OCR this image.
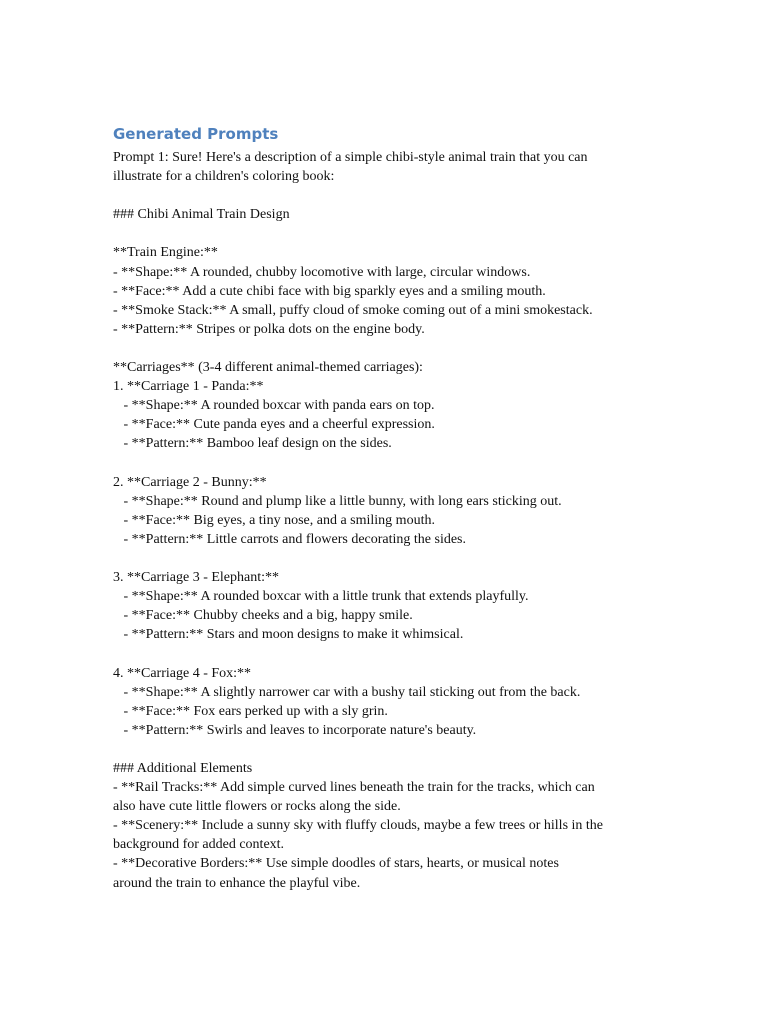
Generated Prompts
Prompt 1: Sure! Here's a description of a simple chibi-style animal train that you can
illustrate for a children's coloring book:
### Chibi Animal Train Design
**Train Engine:**
- **Shape:** A rounded, chubby locomotive with large, circular windows.
- **Face:** Add a cute chibi face with big sparkly eyes and a smiling mouth.
- **Smoke Stack:** A small, puffy cloud of smoke coming out of a mini smokestack.
- **Pattern:** Stripes or polka dots on the engine body.
**Carriages** (3-4 different animal-themed carriages):
1. **Carriage 1 - Panda:**
- **Shape:** A rounded boxcar with panda ears on top.
- **Face:** Cute panda eyes and a cheerful expression.
- **Pattern:** Bamboo leaf design on the sides.
2. **Carriage 2 - Bunny:**
- **Shape:** Round and plump like a little bunny, with long ears sticking out.
- **Face:** Big eyes, a tiny nose, and a smiling mouth.
- **Pattern:** Little carrots and flowers decorating the sides.
3. **Carriage 3 - Elephant:**
- **Shape:** A rounded boxcar with a little trunk that extends playfully.
- **Face:** Chubby cheeks and a big, happy smile.
- **Pattern:** Stars and moon designs to make it whimsical.
4. **Carriage 4 - Fox:**
- **Shape:** A slightly narrower car with a bushy tail sticking out from the back.
- **Face:** Fox ears perked up with a sly grin.
- **Pattern:** Swirls and leaves to incorporate nature's beauty.
### Additional Elements
- **Rail Tracks:** Add simple curved lines beneath the train for the tracks, which can
also have cute little flowers or rocks along the side.
- **Scenery:** Include a sunny sky with fluffy clouds, maybe a few trees or hills in the
background for added context.
- **Decorative Borders:** Use simple doodles of stars, hearts, or musical notes
around the train to enhance the playful vibe.
